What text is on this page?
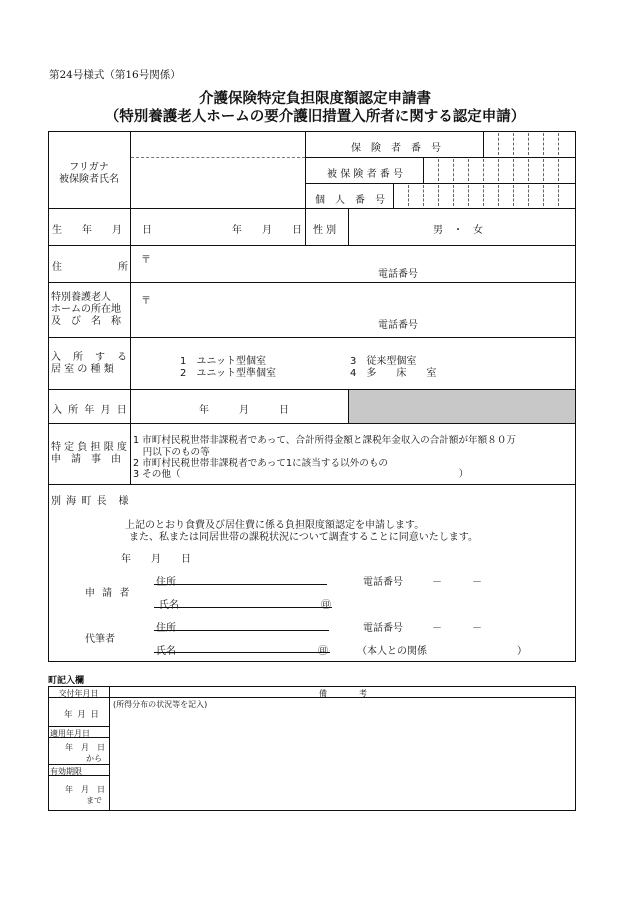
第24号様式（第16号関係）
介護保険特定負担限度額認定申請書
（特別養護老人ホームの要介護旧措置入所者に関する認定申請）
フリガナ
被保険者氏名
保　険　者　番　号
被 保 険 者 番 号
個　人　番　号
生　年　月　日	年　　月　　日 性 別	男　・　女
住	所
〒
電話番号
特別養護老人
ホームの所在地
及　び　名　称
〒
電話番号
入　所　す　る
居 室 の 種 類
1　ユニット型個室
2　ユニット型準個室
3　従来型個室
4　多　　床　　室
入 所 年 月 日	年　　　月　　　日
特 定 負 担 限 度
申　請　事　由
1 市町村民税世帯非課税者であって、合計所得金額と課税年金収入の合計額が年額８０万
　円以下のもの等
2 市町村民税世帯非課税者であって1に該当する以外のもの
3 その他（　　　　　　　　　　　　　　　　　　　　　　　　　　　　　）
別 海 町 長　様
上記のとおり食費及び居住費に係る負担限度額認定を申請します。
また、私または同居世帯の課税状況について調査することに同意いたします。
年　　月　　日
申 請 者
住所
氏名	㊞
電話番号	－　　　－
代筆者
住所
氏名	㊞
電話番号	－　　　－
（本人との関係　　　　　　　　　）
町記入欄
交付年月日	備　　　　考
年 月 日
(所得分布の状況等を記入)
適用年月日
年　月　日
から
有効期限
年　月　日
まで
